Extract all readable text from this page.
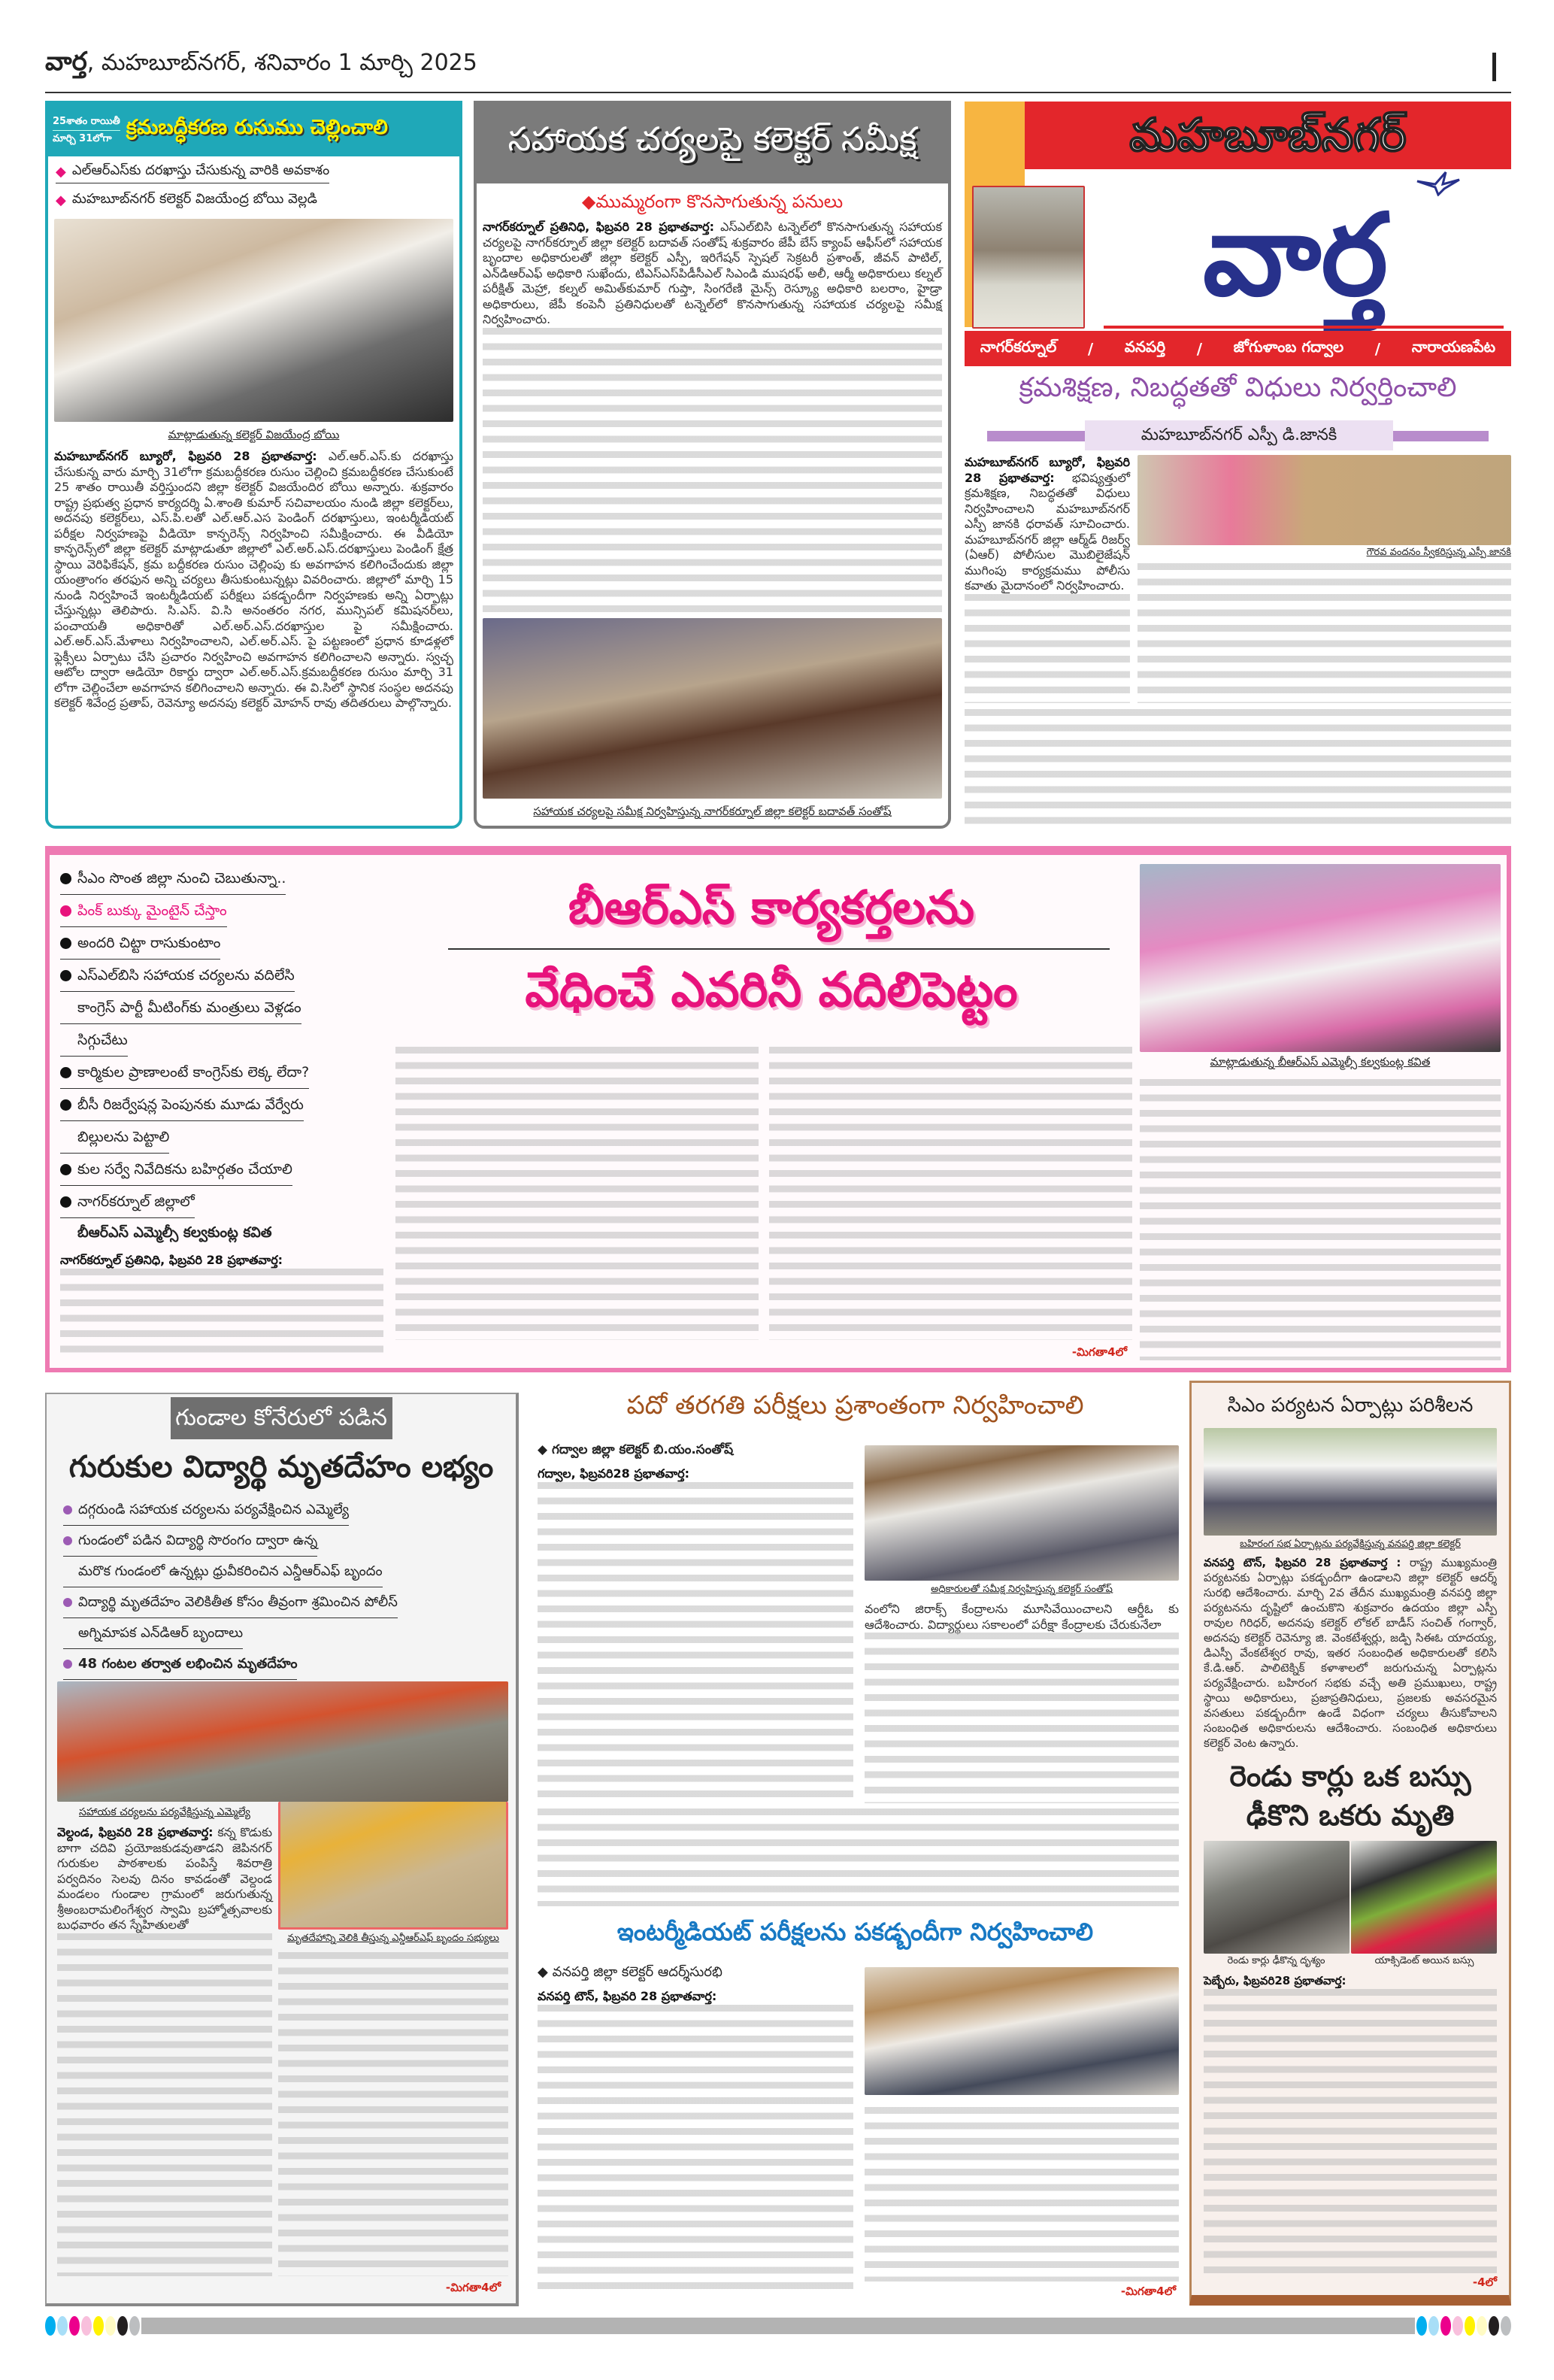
వార్త, మహబూబ్‌నగర్, శనివారం 1 మార్చి 2025
25శాతం రాయితీ
మార్చి 31లోగా క్రమబద్ధీకరణ రుసుము చెల్లించాలి
◆ ఎల్ఆర్ఎస్‌కు దరఖాస్తు చేసుకున్న వారికి అవకాశం
◆ మహబూబ్‌నగర్ కలెక్టర్ విజయేంద్ర బోయి వెల్లడి
మాట్లాడుతున్న కలెక్టర్ విజయేంద్ర బోయి
మహబూబ్‌నగర్ బ్యూరో, ఫిబ్రవరి 28 ప్రభాతవార్త: ఎల్.ఆర్.ఎస్.కు దరఖాస్తు చేసుకున్న వారు మార్చి 31లోగా క్రమబద్ధీకరణ రుసుం చెల్లించి క్రమబద్ధీకరణ చేసుకుంటే 25 శాతం రాయితీ వర్తిస్తుందని జిల్లా కలెక్టర్ విజయేందిర బోయి అన్నారు. శుక్రవారం రాష్ట్ర ప్రభుత్వ ప్రధాన కార్యదర్శి ఏ.శాంతి కుమార్ సచివాలయం నుండి జిల్లా కలెక్టర్‌లు, అదనపు కలెక్టర్‌లు, ఎస్.పి.లతో ఎల్.ఆర్.ఎస పెండింగ్ దరఖాస్తులు, ఇంటర్మీడియట్ పరీక్షల నిర్వహణపై వీడియో కాన్ఫరెన్స్ నిర్వహించి సమీక్షించారు. ఈ వీడియో కాన్ఫరెన్స్‌లో జిల్లా కలెక్టర్ మాట్లాడుతూ జిల్లాలో ఎల్.అర్.ఎస్.దరఖాస్తులు పెండింగ్ క్షేత్ర స్థాయి వెరిఫికేషన్, క్రమ బద్దీకరణ రుసుం చెల్లింపు కు అవగాహన కలిగించేందుకు జిల్లా యంత్రాంగం తరఫున అన్ని చర్యలు తీసుకుంటున్నట్లు వివరించారు. జిల్లాలో మార్చి 15 నుండి నిర్వహించే ఇంటర్మీడియట్ పరీక్షలు పకడ్బందీగా నిర్వహణకు అన్ని ఏర్పాట్లు చేస్తున్నట్లు తెలిపారు. సి.ఎస్. వి.సి అనంతరం నగర, మున్సిపల్ కమిషనర్‌లు, పంచాయతీ అధికారితో ఎల్.అర్.ఎస్.దరఖాస్తుల పై సమీక్షించారు. ఎల్.అర్.ఎస్.మేళాలు నిర్వహించాలని, ఎల్.అర్.ఎస్. పై పట్టణంలో ప్రధాన కూడళ్లలో ఫ్లెక్సీలు ఏర్పాటు చేసి ప్రచారం నిర్వహించి అవగాహన కలిగించాలని అన్నారు. స్వచ్ఛ ఆటోల ద్వారా ఆడియో రికార్డు ద్వారా ఎల్.అర్.ఎస్.క్రమబద్ధీకరణ రుసుం మార్చి 31 లోగా చెల్లించేలా అవగాహన కలిగించాలని అన్నారు. ఈ వి.సిలో స్థానిక సంస్థల అదనపు కలెక్టర్ శివేంద్ర ప్రతాప్, రెవెన్యూ అదనపు కలెక్టర్ మోహన్ రావు తదితరులు పాల్గొన్నారు.
సహాయక చర్యలపై కలెక్టర్ సమీక్ష
◆ముమ్మరంగా కొనసాగుతున్న పనులు
నాగర్‌కర్నూల్ ప్రతినిధి, ఫిబ్రవరి 28 ప్రభాతవార్త: ఎస్ఎల్‌బిసి టన్నెల్‌లో కొనసాగుతున్న సహాయక చర్యలపై నాగర్‌కర్నూల్ జిల్లా కలెక్టర్ బదావత్ సంతోష్ శుక్రవారం జేపీ బేస్ క్యాంప్ ఆఫీస్‌లో సహాయక బృందాల అధికారులతో జిల్లా కలెక్టర్ ఎస్పీ, ఇరిగేషన్ స్పెషల్ సెక్రటరీ ప్రశాంత్, జీవన్ పాటిల్, ఎన్‌డిఆర్ఎఫ్ అధికారి సుఖేందు, టిఎస్ఎస్‌పిడీసీఎల్ సిఎండి ముషరఫ్ అలీ, ఆర్మీ అధికారులు కల్నల్ పరీక్షిత్ మెహ్రా, కల్నల్ అమిత్‌కుమార్ గుప్తా, సింగరేణి మైన్స్ రెస్క్యూ అధికారి బలరాం, హైడ్రా అధికారులు, జేపీ కంపెనీ ప్రతినిధులతో టన్నెల్‌లో కొనసాగుతున్న సహాయక చర్యలపై సమీక్ష నిర్వహించారు.
సహాయక చర్యలపై సమీక్ష నిర్వహిస్తున్న నాగర్‌కర్నూల్ జిల్లా కలెక్టర్ బదావత్ సంతోష్
మహబూబ్‌నగర్
వార్త
నాగర్‌కర్నూల్ / వనపర్తి / జోగుళాంబ గద్వాల / నారాయణపేట
క్రమశిక్షణ, నిబద్ధతతో విధులు నిర్వర్తించాలి
మహబూబ్‌నగర్ ఎస్పీ డి.జానకి
మహబూబ్‌నగర్ బ్యూరో, ఫిబ్రవరి 28 ప్రభాతవార్త: భవిష్యత్తులో క్రమశిక్షణ, నిబద్ధతతో విధులు నిర్వహించాలని మహబూబ్‌నగర్ ఎస్పీ జానకి ధరావత్ సూచించారు. మహబూబ్‌నగర్ జిల్లా ఆర్మ్‌డ్ రిజర్వ్ (ఏఆర్) పోలీసుల మొబిలైజేషన్ ముగింపు కార్యక్రమము పోలీసు కవాతు మైదానంలో నిర్వహించారు.
గౌరవ వందనం స్వీకరిస్తున్న ఎస్పీ జానకి
సీఎం సొంత జిల్లా నుంచి చెబుతున్నా..
పింక్ బుక్కు మైంటైన్ చేస్తాం
అందరి చిట్టా రాసుకుంటాం
ఎస్ఎల్‌బిసి సహాయక చర్యలను వదిలేసి
కాంగ్రెస్ పార్టీ మీటింగ్‌కు మంత్రులు వెళ్లడం
సిగ్గుచేటు
కార్మికుల ప్రాణాలంటే కాంగ్రెస్‌కు లెక్క లేదా?
బీసీ రిజర్వేషన్ల పెంపునకు మూడు వేర్వేరు
బిల్లులను పెట్టాలి
కుల సర్వే నివేదికను బహిర్గతం చేయాలి
నాగర్‌కర్నూల్ జిల్లాలో
బీఆర్ఎస్ ఎమ్మెల్సీ కల్వకుంట్ల కవిత
నాగర్‌కర్నూల్ ప్రతినిధి, ఫిబ్రవరి 28 ప్రభాతవార్త:
బీఆర్ఎస్ కార్యకర్తలను
వేధించే ఎవరినీ వదిలిపెట్టం
-మిగతా4లో
మాట్లాడుతున్న బీఆర్ఎస్ ఎమ్మెల్సీ కల్వకుంట్ల కవిత
గుండాల కోనేరులో పడిన
గురుకుల విద్యార్థి మృతదేహం లభ్యం
దగ్గరుండి సహాయక చర్యలను పర్యవేక్షించిన ఎమ్మెల్యే
గుండంలో పడిన విద్యార్థి సొరంగం ద్వారా ఉన్న
మరొక గుండంలో ఉన్నట్లు ధ్రువీకరించిన ఎన్డీఆర్ఎఫ్ బృందం
విద్యార్థి మృతదేహం వెలికితీత కోసం తీవ్రంగా శ్రమించిన పోలీస్
అగ్నిమాపక ఎన్‌డిఆర్ బృందాలు
48 గంటల తర్వాత లభించిన మృతదేహం
సహాయక చర్యలను పర్యవేక్షిస్తున్న ఎమ్మెల్యే
వెల్దండ, ఫిబ్రవరి 28 ప్రభాతవార్త: కన్న కొడుకు బాగా చదివి ప్రయోజకుడవుతాడని జెపినగర్ గురుకుల పాఠశాలకు పంపిస్తే శివరాత్రి పర్వదినం సెలవు దినం కావడంతో వెల్దండ మండలం గుండాల గ్రామంలో జరుగుతున్న శ్రీఅంబరామలింగేశ్వర స్వామి బ్రహ్మోత్సవాలకు బుధవారం తన స్నేహితులతో
మృతదేహాన్ని వెలికి తీస్తున్న ఎన్డీఆర్ఎఫ్ బృందం సభ్యులు
-మిగతా4లో
పదో తరగతి పరీక్షలు ప్రశాంతంగా నిర్వహించాలి
◆ గద్వాల జిల్లా కలెక్టర్ బి.యం.సంతోష్
గద్వాల, ఫిబ్రవరి28 ప్రభాతవార్త:
అధికారులతో సమీక్ష నిర్వహిస్తున్న కలెక్టర్ సంతోష్
వంలోని జిరాక్స్ కేంద్రాలను మూసివేయించాలని ఆర్డీఓ కు ఆదేశించారు. విద్యార్థులు సకాలంలో పరీక్షా కేంద్రాలకు చేరుకునేలా
ఇంటర్మీడియట్ పరీక్షలను పకడ్బందీగా నిర్వహించాలి
◆ వనపర్తి జిల్లా కలెక్టర్ ఆదర్శ్‌సురభి
వనపర్తి టౌన్, ఫిబ్రవరి 28 ప్రభాతవార్త:
-మిగతా4లో
సిఎం పర్యటన ఏర్పాట్లు పరిశీలన
బహిరంగ సభ ఏర్పాట్లను పర్యవేక్షిస్తున్న వనపర్తి జిల్లా కలెక్టర్
వనపర్తి టౌన్, ఫిబ్రవరి 28 ప్రభాతవార్త : రాష్ట్ర ముఖ్యమంత్రి పర్యటనకు ఏర్పాట్లు పకడ్బందీగా ఉండాలని జిల్లా కలెక్టర్ ఆదర్శ్ సురభి ఆదేశించారు. మార్చి 2వ తేదీన ముఖ్యమంత్రి వనపర్తి జిల్లా పర్యటనను దృష్టిలో ఉంచుకొని శుక్రవారం ఉదయం జిల్లా ఎస్పీ రావుల గిరిధర్, అదనపు కలెక్టర్ లోకల్ బాడీస్ సంచిత్ గంగ్వార్, అదనపు కలెక్టర్ రెవెన్యూ జి. వెంకటేశ్వర్లు, జడ్పి సిఈఓ యాదయ్య, డిఎస్పీ వేంకటేశ్వర రావు, ఇతర సంబంధిత అధికారులతో కలిసి కే.డి.ఆర్. పాలిటెక్నిక్ కళాశాలలో జరుగుచున్న ఏర్పాట్లను పర్యవేక్షించారు. బహిరంగ సభకు వచ్చే అతి ప్రముఖులు, రాష్ట్ర స్థాయి అధికారులు, ప్రజాప్రతినిధులు, ప్రజలకు అవసరమైన వసతులు పకడ్బందీగా ఉండే విధంగా చర్యలు తీసుకోవాలని సంబంధిత అధికారులను ఆదేశించారు. సంబంధిత అధికారులు కలెక్టర్ వెంట ఉన్నారు.
రెండు కార్లు ఒక బస్సు ఢీకొని ఒకరు మృతి
రెండు కార్లు ఢీకొన్న దృశ్యం	యాక్సిడెంట్ అయిన బస్సు
పెబ్బేరు, ఫిబ్రవరి28 ప్రభాతవార్త:
-4లో
